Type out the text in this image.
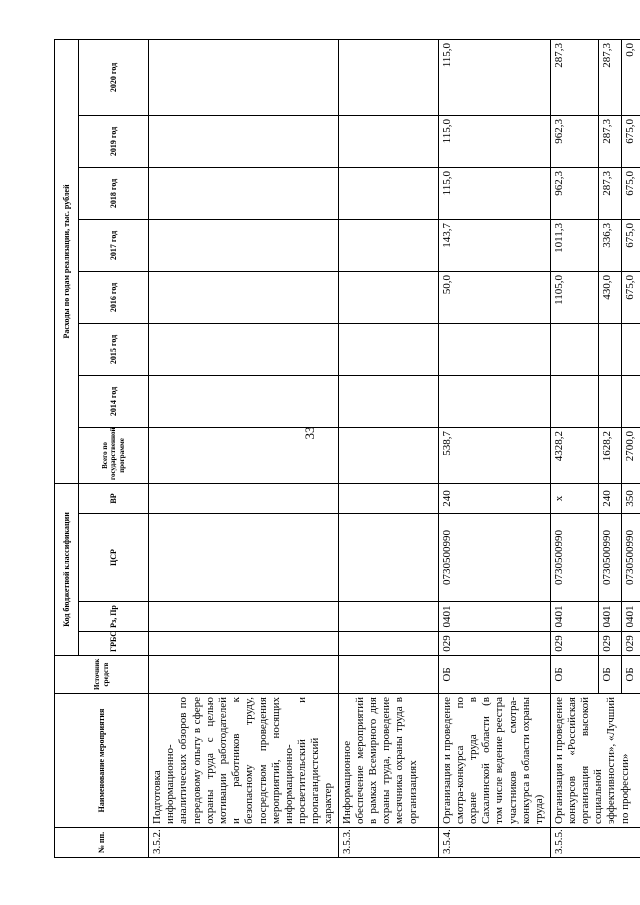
33
№ пп.	Наименование мероприятия	Источник средств	Код бюджетной классификации				Расходы по годам реализации, тыс. рублей							
			ГРБС	Рз, Пр	ЦСР	ВР	Всего по государственной программе	2014 год	2015 год	2016 год	2017 год	2018 год	2019 год	2020 год
3.5.2.	Подготовка информационно-аналитических обзоров по передовому опыту в сфере охраны труда с целью мотивации работодателей и работников к безопасному труду, посредством проведения мероприятий, носящих информационно-просветительский и пропагандистский характер													
3.5.3.	Информационное обеспечение мероприятий в рамках Всемирного дня охраны труда, проведение месячника охраны труда в организациях													
3.5.4.	Организация и проведение смотра-конкурса по охране труда в Сахалинской области (в том числе ведение реестра участников смотра-конкурса в области охраны труда)	ОБ	029	0401	0730500990	240	538,7			50,0	143,7	115,0	115,0	115,0
3.5.5.	Организация и проведение конкурсов «Российская организация высокой социальной эффективности», «Лучший по профессии»	ОБ	029	0401	0730500990	х	4328,2			1105,0	1011,3	962,3	962,3	287,3
		ОБ	029	0401	0730500990	240	1628,2			430,0	336,3	287,3	287,3	287,3
		ОБ	029	0401	0730500990	350	2700,0			675,0	675,0	675,0	675,0	0,0
